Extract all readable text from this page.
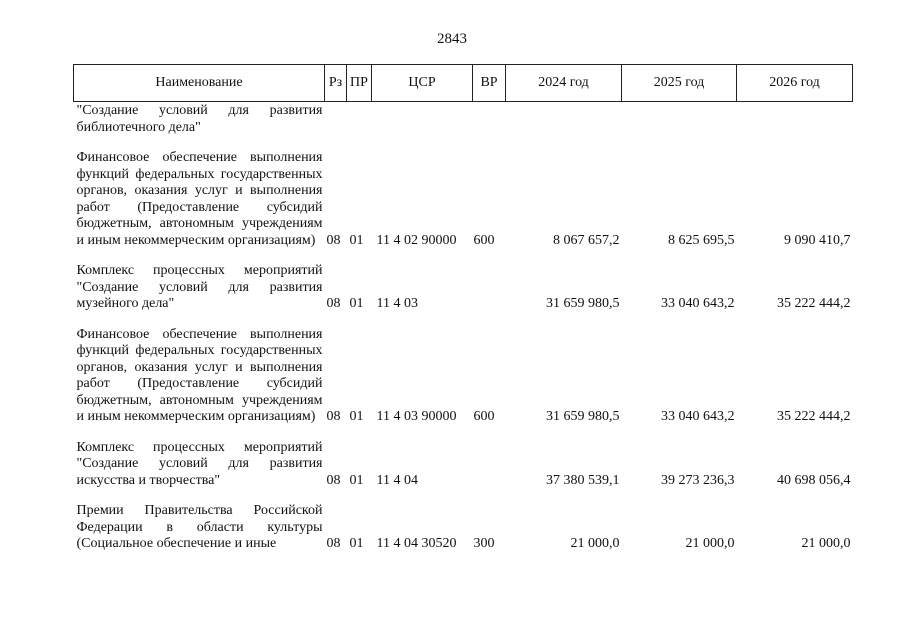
2843
Наименование	Рз	ПР	ЦСР	ВР	2024 год	2025 год	2026 год
"Создание условий для развития библиотечного дела"							
Финансовое обеспечение выполнения функций федеральных государственных органов, оказания услуг и выполнения работ (Предоставление субсидий бюджетным, автономным учреждениям и иным некоммерческим организациям)	08	01	11 4 02 90000	600	8 067 657,2	8 625 695,5	9 090 410,7
Комплекс процессных мероприятий "Создание условий для развития музейного дела"	08	01	11 4 03		31 659 980,5	33 040 643,2	35 222 444,2
Финансовое обеспечение выполнения функций федеральных государственных органов, оказания услуг и выполнения работ (Предоставление субсидий бюджетным, автономным учреждениям и иным некоммерческим организациям)	08	01	11 4 03 90000	600	31 659 980,5	33 040 643,2	35 222 444,2
Комплекс процессных мероприятий "Создание условий для развития искусства и творчества"	08	01	11 4 04		37 380 539,1	39 273 236,3	40 698 056,4
Премии Правительства Российской Федерации в области культуры (Социальное обеспечение и иные	08	01	11 4 04 30520	300	21 000,0	21 000,0	21 000,0
